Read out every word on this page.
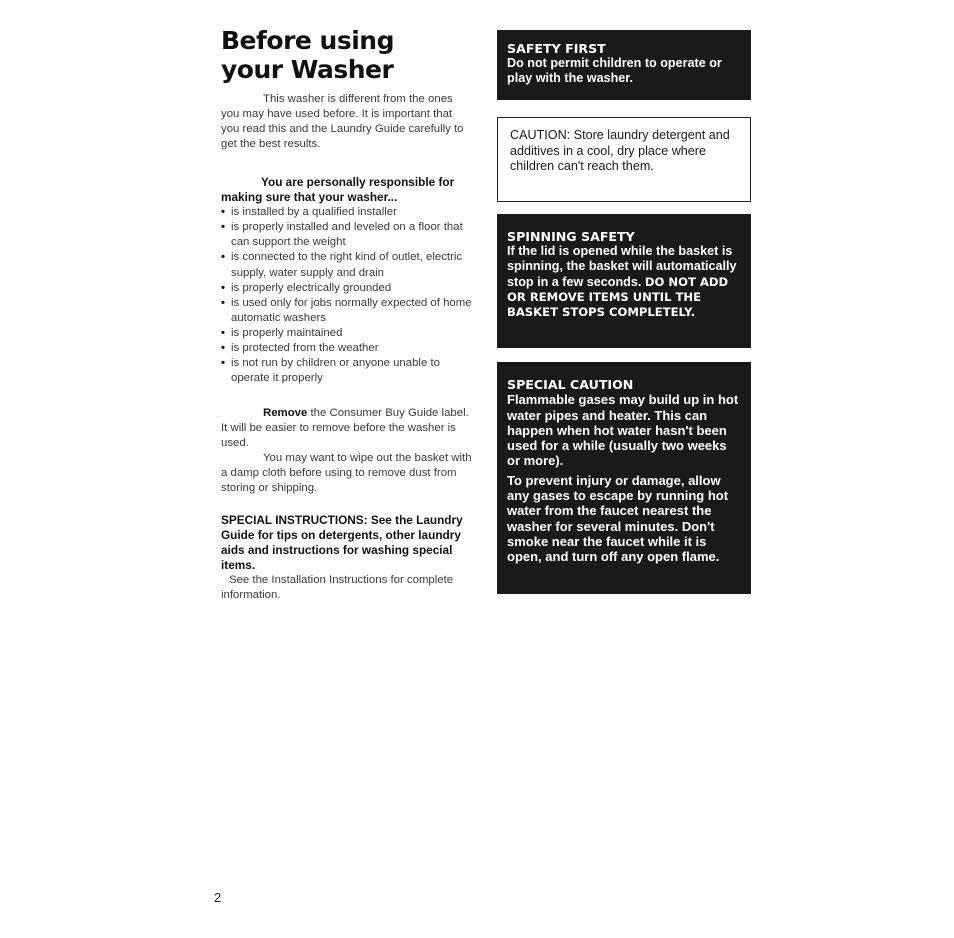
Before using
your Washer

This washer is different from the ones you may have used before. It is important that you read this and the Laundry Guide carefully to get the best results.

You are personally responsible for making sure that your washer...

• is installed by a qualified installer
• is properly installed and leveled on a floor that can support the weight
• is connected to the right kind of outlet, electric supply, water supply and drain
• is properly electrically grounded
• is used only for jobs normally expected of home automatic washers
• is properly maintained
• is protected from the weather
• is not run by children or anyone unable to operate it properly

Remove the Consumer Buy Guide label. It will be easier to remove before the washer is used.

You may want to wipe out the basket with a damp cloth before using to remove dust from storing or shipping.

SPECIAL INSTRUCTIONS: See the Laundry Guide for tips on detergents, other laundry aids and instructions for washing special items.

See the Installation Instructions for complete information.

SAFETY FIRST
Do not permit children to operate or play with the washer.
CAUTION: Store laundry detergent and additives in a cool, dry place where children can't reach them.
SPINNING SAFETY
If the lid is opened while the basket is spinning, the basket will automatically stop in a few seconds. DO NOT ADD OR REMOVE ITEMS UNTIL THE BASKET STOPS COMPLETELY.
SPECIAL CAUTION
Flammable gases may build up in hot water pipes and heater. This can happen when hot water hasn't been used for a while (usually two weeks or more).
To prevent injury or damage, allow any gases to escape by running hot water from the faucet nearest the washer for several minutes. Don't smoke near the faucet while it is open, and turn off any open flame.
2
